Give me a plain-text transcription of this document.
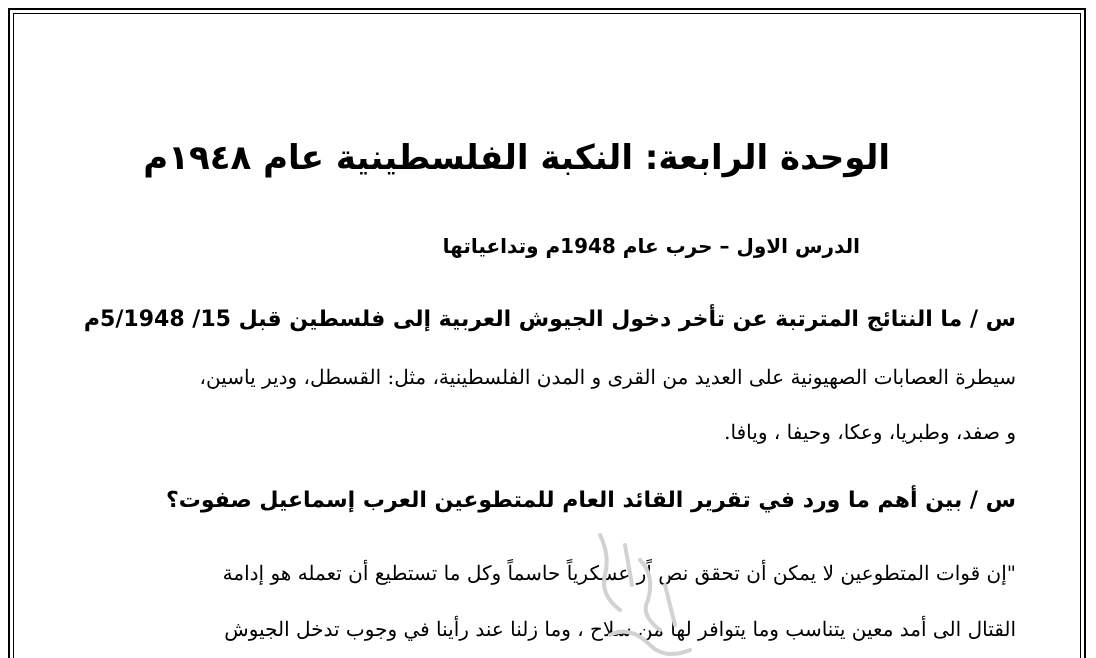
الوحدة الرابعة: النكبة الفلسطينية عام ١٩٤٨م
الدرس الاول – حرب عام 1948م وتداعياتها
س / ما النتائج المترتبة عن تأخر دخول الجيوش العربية إلى فلسطين قبل 15/ 5/1948م
سيطرة العصابات الصهيونية على العديد من القرى و المدن الفلسطينية، مثل: القسطل، ودير ياسين،
و صفد، وطبريا، وعكا، وحيفا ، ويافا.
س / بين أهم ما ورد في تقرير القائد العام للمتطوعين العرب إسماعيل صفوت؟
"إن قوات المتطوعين لا يمكن أن تحقق نص اًر عسكرياً حاسماً وكل ما تستطيع أن تعمله هو إدامة
القتال الى أمد معين يتناسب وما يتوافر لها من سلاح ، وما زلنا عند رأينا في وجوب تدخل الجيوش
